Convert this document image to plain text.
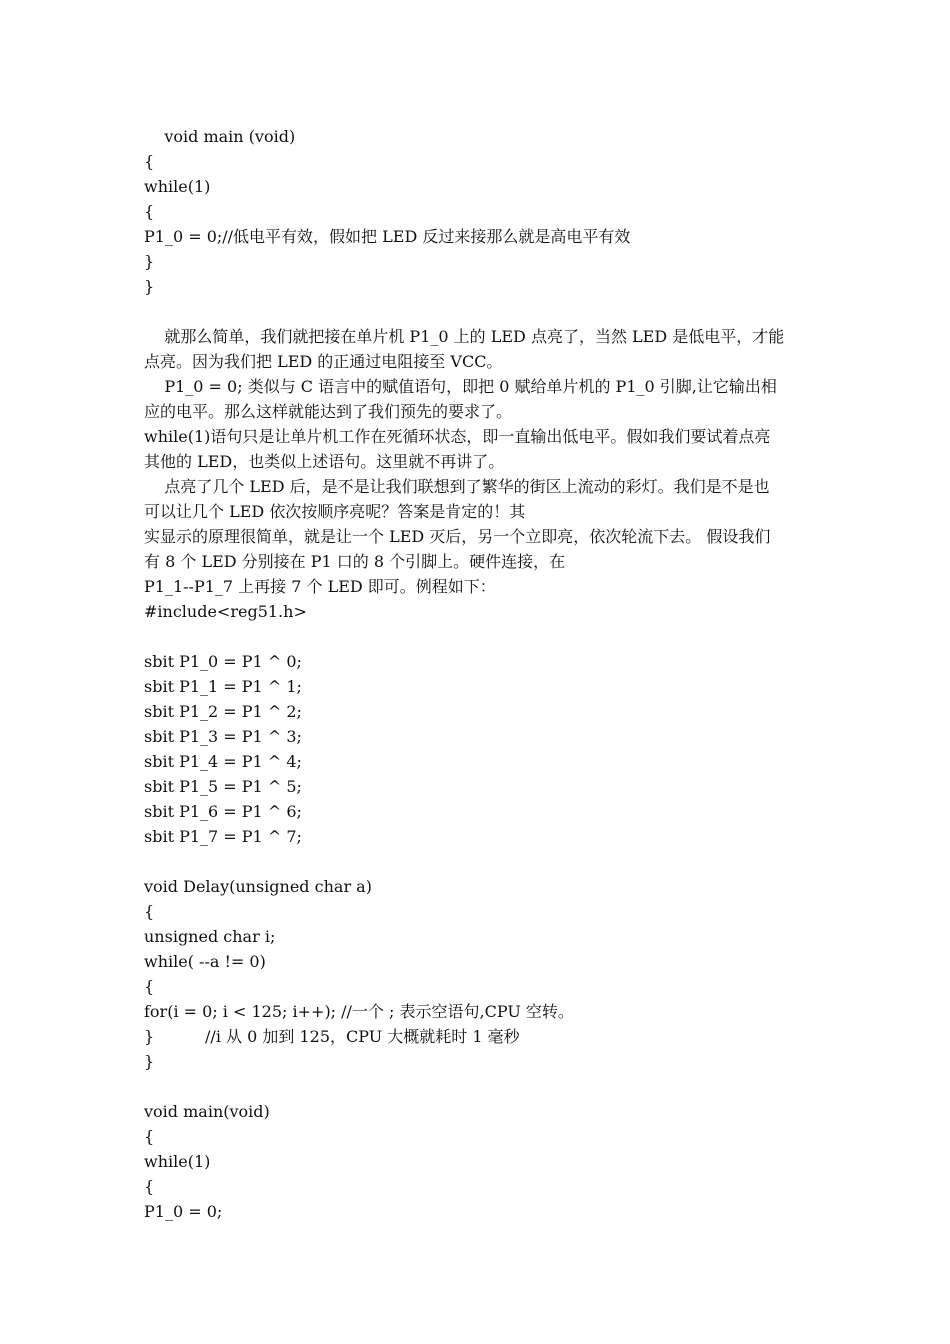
void main (void)
{
while(1)
{
P1_0 = 0;//低电平有效，假如把 LED 反过来接那么就是高电平有效
}
}
就那么简单，我们就把接在单片机 P1_0 上的 LED 点亮了，当然 LED 是低电平，才能
点亮。因为我们把 LED 的正通过电阻接至 VCC。
P1_0 = 0; 类似与 C 语言中的赋值语句，即把 0 赋给单片机的 P1_0 引脚,让它输出相
应的电平。那么这样就能达到了我们预先的要求了。
while(1)语句只是让单片机工作在死循环状态，即一直输出低电平。假如我们要试着点亮
其他的 LED，也类似上述语句。这里就不再讲了。
点亮了几个 LED 后，是不是让我们联想到了繁华的街区上流动的彩灯。我们是不是也
可以让几个 LED 依次按顺序亮呢？答案是肯定的！其
实显示的原理很简单，就是让一个 LED 灭后，另一个立即亮，依次轮流下去。 假设我们
有 8 个 LED 分别接在 P1 口的 8 个引脚上。硬件连接，在
P1_1--P1_7 上再接 7 个 LED 即可。例程如下：
#include<reg51.h>
sbit P1_0 = P1 ^ 0;
sbit P1_1 = P1 ^ 1;
sbit P1_2 = P1 ^ 2;
sbit P1_3 = P1 ^ 3;
sbit P1_4 = P1 ^ 4;
sbit P1_5 = P1 ^ 5;
sbit P1_6 = P1 ^ 6;
sbit P1_7 = P1 ^ 7;
void Delay(unsigned char a)
{
unsigned char i;
while( --a != 0)
{
for(i = 0; i < 125; i++); //一个 ; 表示空语句,CPU 空转。
}          //i 从 0 加到 125，CPU 大概就耗时 1 毫秒
}
void main(void)
{
while(1)
{
P1_0 = 0;
